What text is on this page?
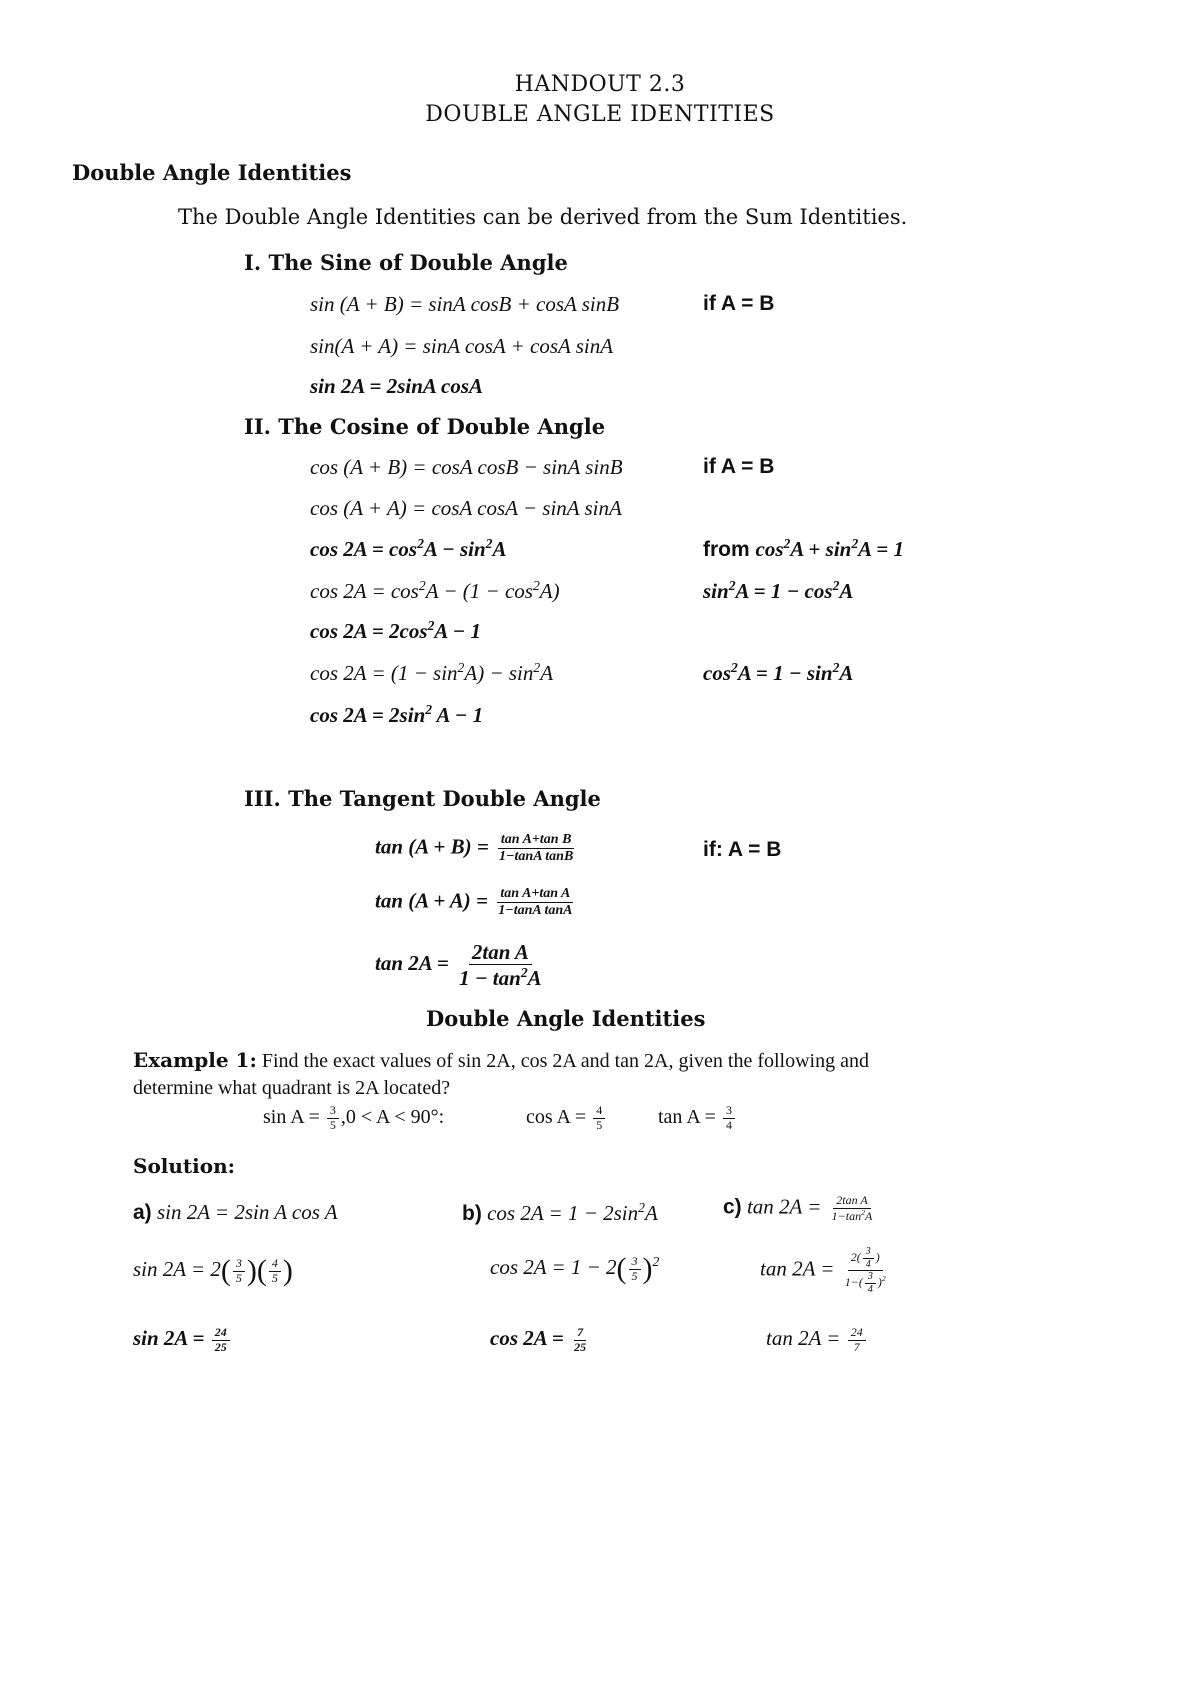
HANDOUT 2.3
DOUBLE ANGLE IDENTITIES
Double Angle Identities
The Double Angle Identities can be derived from the Sum Identities.
I. The Sine of Double Angle
sin (A + B) = sinA cosB + cosA sinB	if A = B
sin(A + A) = sinA cosA + cosA sinA
sin 2A = 2sinA cosA
II. The Cosine of Double Angle
cos (A + B) = cosA cosB − sinA sinB	if A = B
cos (A + A) = cosA cosA − sinA sinA
$\cos 2A = \cos^2A - \sin^2A$	from $\cos^2A + \sin^2A = 1$
$\cos 2A = \cos^2A - (1 - \cos^2A)$	$\sin^2A = 1 - \cos^2A$
$\cos 2A = 2\cos^2A - 1$
$\cos 2A = (1 - \sin^2A) - \sin^2A$	$\cos^2A = 1 - \sin^2A$
$\cos 2A = 2\sin^2$ A − 1
III. The Tangent Double Angle
$\tan (A + B) = \frac{\text{tan A+tan B}}{\text{1−tanA tanB}}$	if: A = B
$\tan (A + A) = \frac{\text{tan A+tan A}}{\text{1−tanA tanA}}$
$\tan 2A = \frac{\text{2tan A}}{1 - \tan^2A}$
Double Angle Identities
Example 1: Find the exact values of sin 2A, cos 2A and tan 2A, given the following and
determine what quadrant is 2A located?
$\sin A = \frac{3}{5} ,0 < A < 90^\circ$:	$\cos A = \frac{4}{5}$	$\tan A = \frac{3}{4}$
Solution:
a) sin 2A = 2sin A cos A	b) $\cos 2A = 1 - 2\sin^2A$	c) $\tan 2A = \frac{\text{2tan A}}{1-\tan^2A}$
$\sin 2A = 2( \frac{3}{5}$ )( $\frac{4}{5}$ )	$\cos 2A = 1 - 2( \frac{3}{5} )^2$	$\tan 2A = \frac{2( \frac{3}{4} )}{1-( \frac{3}{4} )^2}$
$\sin 2A = \frac{24}{25}$	$\cos 2A = \frac{7}{25}$	$\tan 2A = \frac{24}{7}$
